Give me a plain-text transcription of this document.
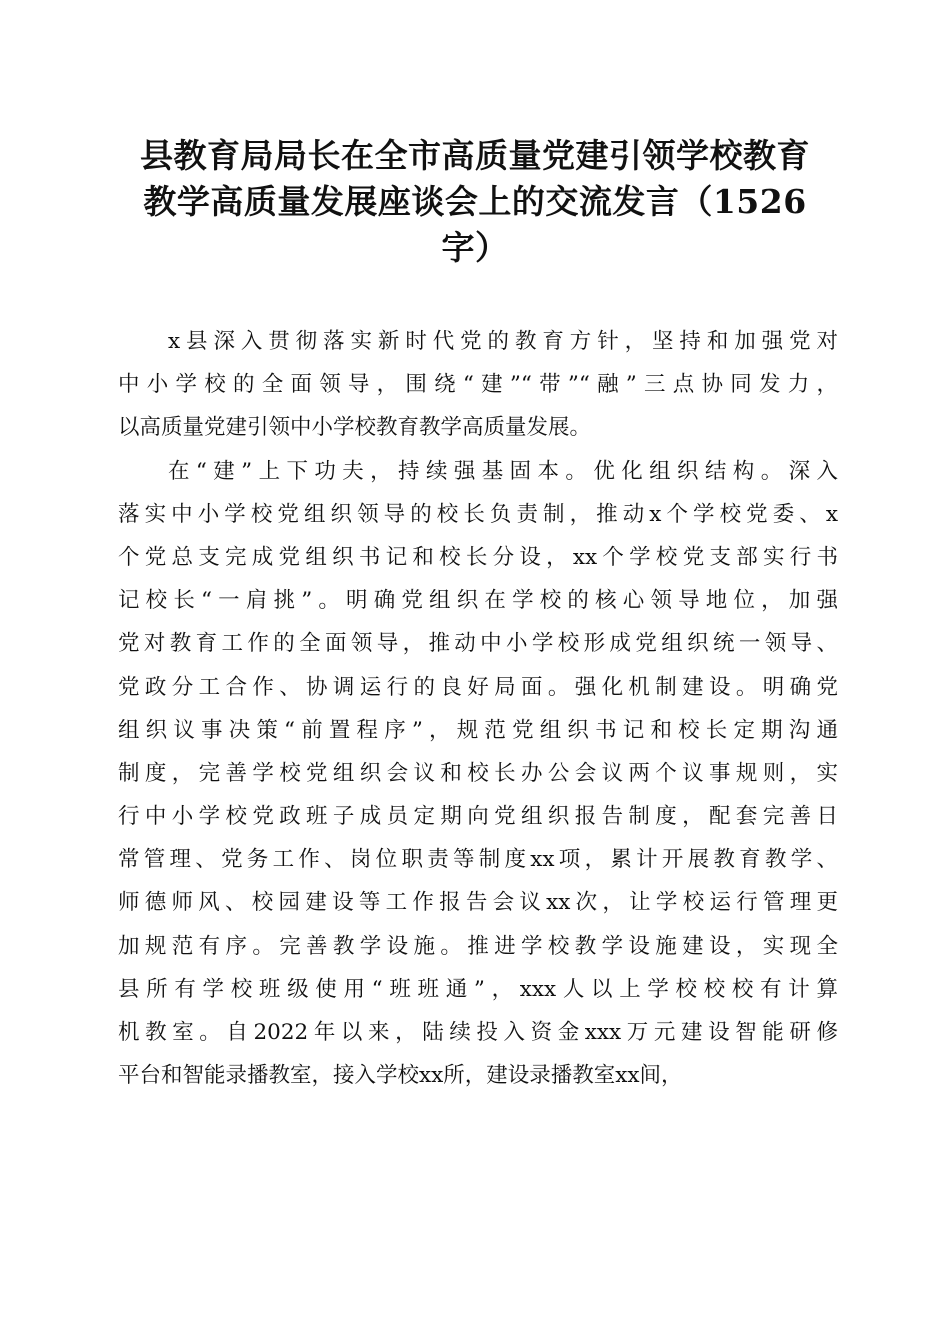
县教育局局长在全市高质量党建引领学校教育
教学高质量发展座谈会上的交流发言（1526
字）
x县深入贯彻落实新时代党的教育方针，坚持和加强党对
中小学校的全面领导，围绕“建”“带”“融”三点协同发力，
以高质量党建引领中小学校教育教学高质量发展。
在“建”上下功夫，持续强基固本。优化组织结构。深入
落实中小学校党组织领导的校长负责制，推动x个学校党委、x
个党总支完成党组织书记和校长分设，xx个学校党支部实行书
记校长“一肩挑”。明确党组织在学校的核心领导地位，加强
党对教育工作的全面领导，推动中小学校形成党组织统一领导、
党政分工合作、协调运行的良好局面。强化机制建设。明确党
组织议事决策“前置程序”，规范党组织书记和校长定期沟通
制度，完善学校党组织会议和校长办公会议两个议事规则，实
行中小学校党政班子成员定期向党组织报告制度，配套完善日
常管理、党务工作、岗位职责等制度xx项，累计开展教育教学、
师德师风、校园建设等工作报告会议xx次，让学校运行管理更
加规范有序。完善教学设施。推进学校教学设施建设，实现全
县所有学校班级使用“班班通”，xxx人以上学校校校有计算
机教室。自2022年以来，陆续投入资金xxx万元建设智能研修
平台和智能录播教室，接入学校xx所，建设录播教室xx间，
